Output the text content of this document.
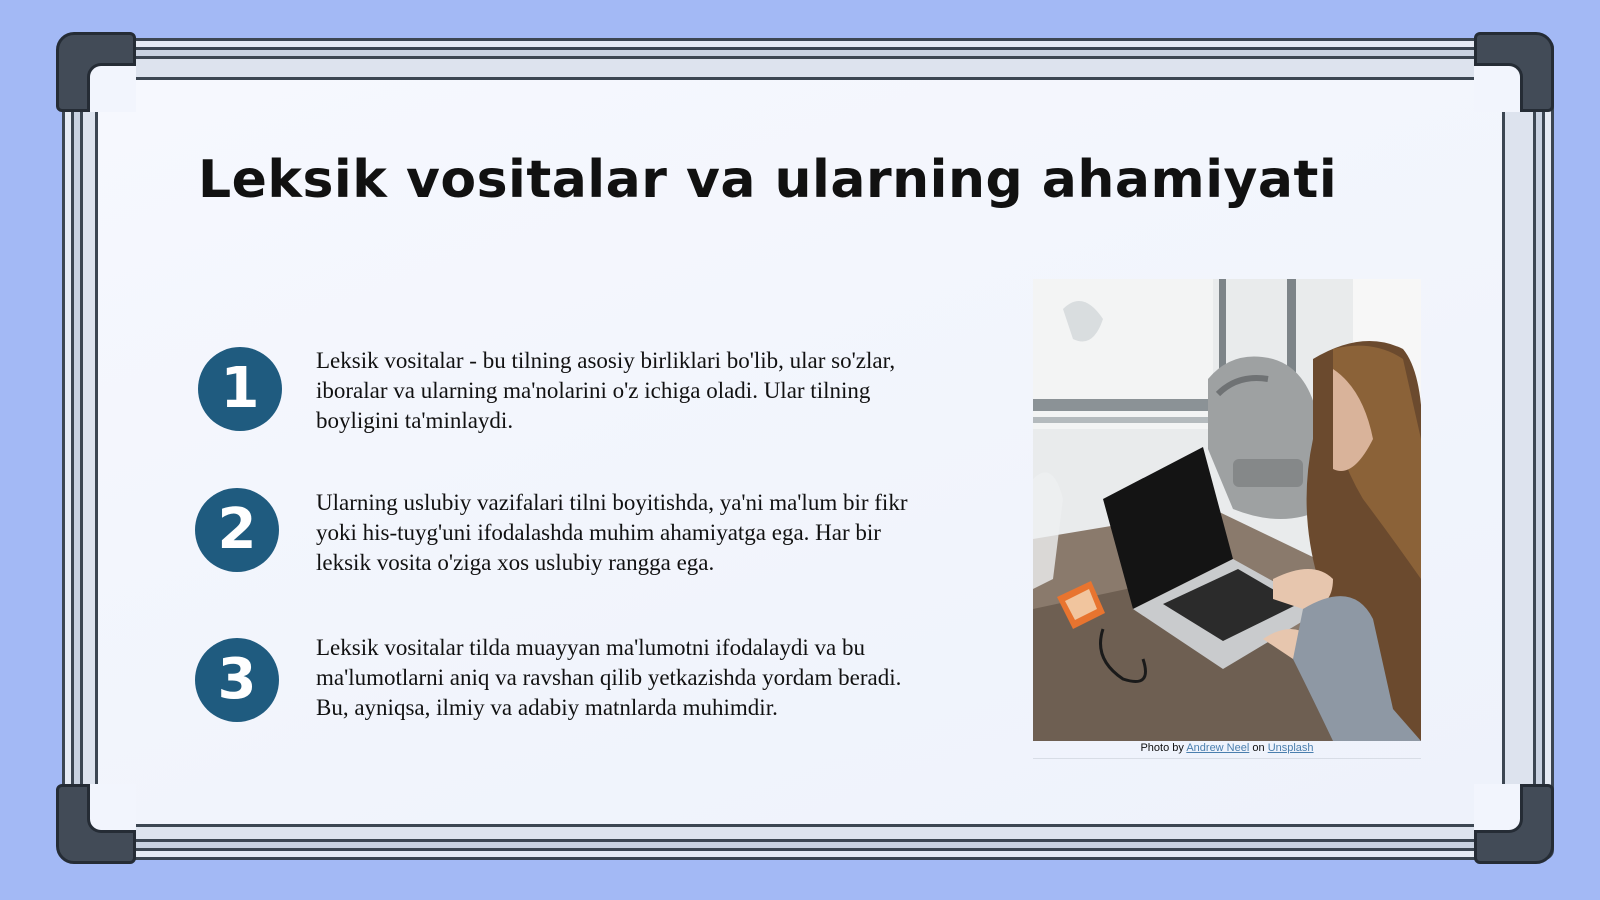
Leksik vositalar va ularning ahamiyati
1	Leksik vositalar - bu tilning asosiy birliklari bo'lib, ular so'zlar, iboralar va ularning ma'nolarini o'z ichiga oladi. Ular tilning boyligini ta'minlaydi.
2	Ularning uslubiy vazifalari tilni boyitishda, ya'ni ma'lum bir fikr yoki his-tuyg'uni ifodalashda muhim ahamiyatga ega. Har bir leksik vosita o'ziga xos uslubiy rangga ega.
3	Leksik vositalar tilda muayyan ma'lumotni ifodalaydi va bu ma'lumotlarni aniq va ravshan qilib yetkazishda yordam beradi. Bu, ayniqsa, ilmiy va adabiy matnlarda muhimdir.
Photo by Andrew Neel on Unsplash
